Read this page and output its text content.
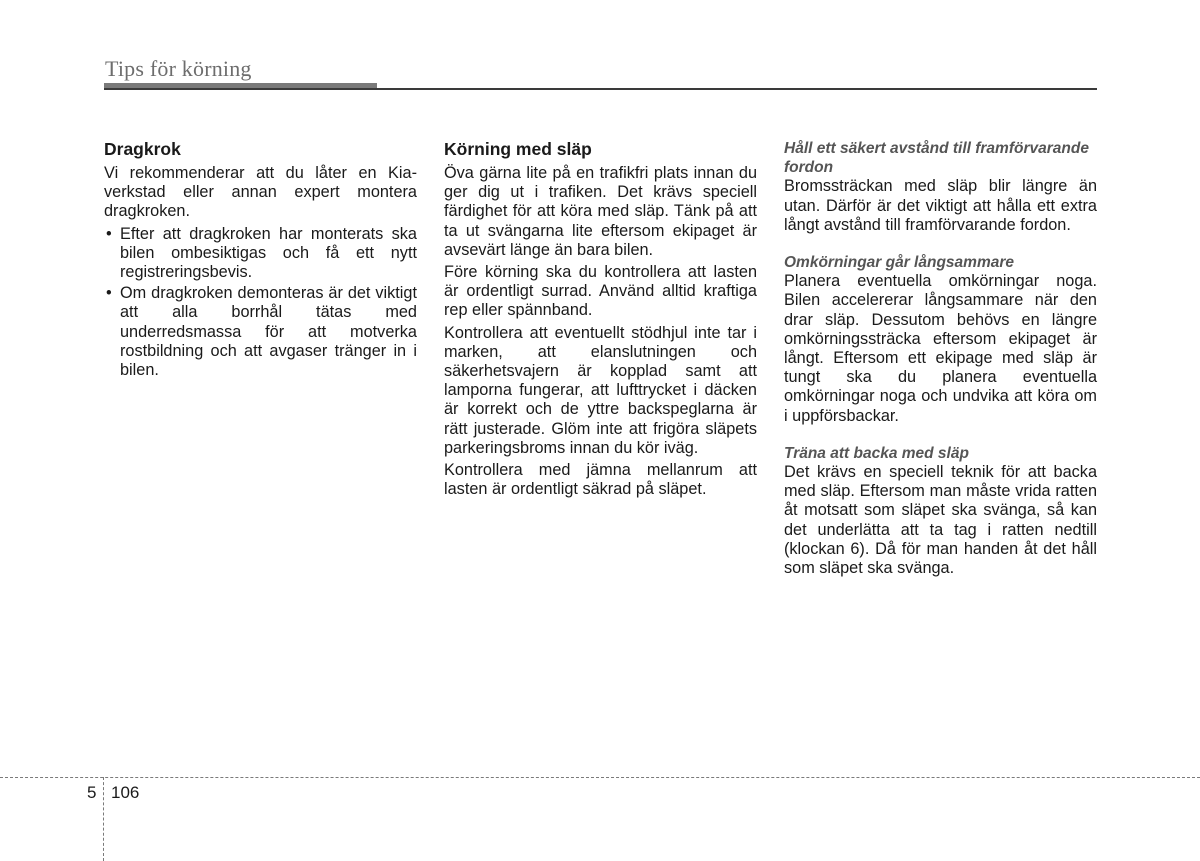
Tips för körning
Dragkrok

Vi rekommenderar att du låter en Kia-verkstad eller annan expert montera dragkroken.

• Efter att dragkroken har monterats ska bilen ombesiktigas och få ett nytt registreringsbevis.
• Om dragkroken demonteras är det viktigt att alla borrhål tätas med underredsmassa för att motverka rostbildning och att avgaser tränger in i bilen.
Körning med släp

Öva gärna lite på en trafikfri plats innan du ger dig ut i trafiken. Det krävs speciell färdighet för att köra med släp. Tänk på att ta ut svängarna lite eftersom ekipaget är avsevärt länge än bara bilen.

Före körning ska du kontrollera att lasten är ordentligt surrad. Använd alltid kraftiga rep eller spännband.

Kontrollera att eventuellt stödhjul inte tar i marken, att elanslutningen och säkerhetsvajern är kopplad samt att lamporna fungerar, att lufttrycket i däcken är korrekt och de yttre backspeglarna är rätt justerade. Glöm inte att frigöra släpets parkeringsbroms innan du kör iväg.

Kontrollera med jämna mellanrum att lasten är ordentligt säkrad på släpet.

Håll ett säkert avstånd till framförvarande fordon

Bromssträckan med släp blir längre än utan. Därför är det viktigt att hålla ett extra långt avstånd till framförvarande fordon.

Omkörningar går långsammare

Planera eventuella omkörningar noga. Bilen accelererar långsammare när den drar släp. Dessutom behövs en längre omkörningssträcka eftersom ekipaget är långt. Eftersom ett ekipage med släp är tungt ska du planera eventuella omkörningar noga och undvika att köra om i uppförsbackar.

Träna att backa med släp

Det krävs en speciell teknik för att backa med släp. Eftersom man måste vrida ratten åt motsatt som släpet ska svänga, så kan det underlätta att ta tag i ratten nedtill (klockan 6). Då för man handen åt det håll som släpet ska svänga.

5 106
